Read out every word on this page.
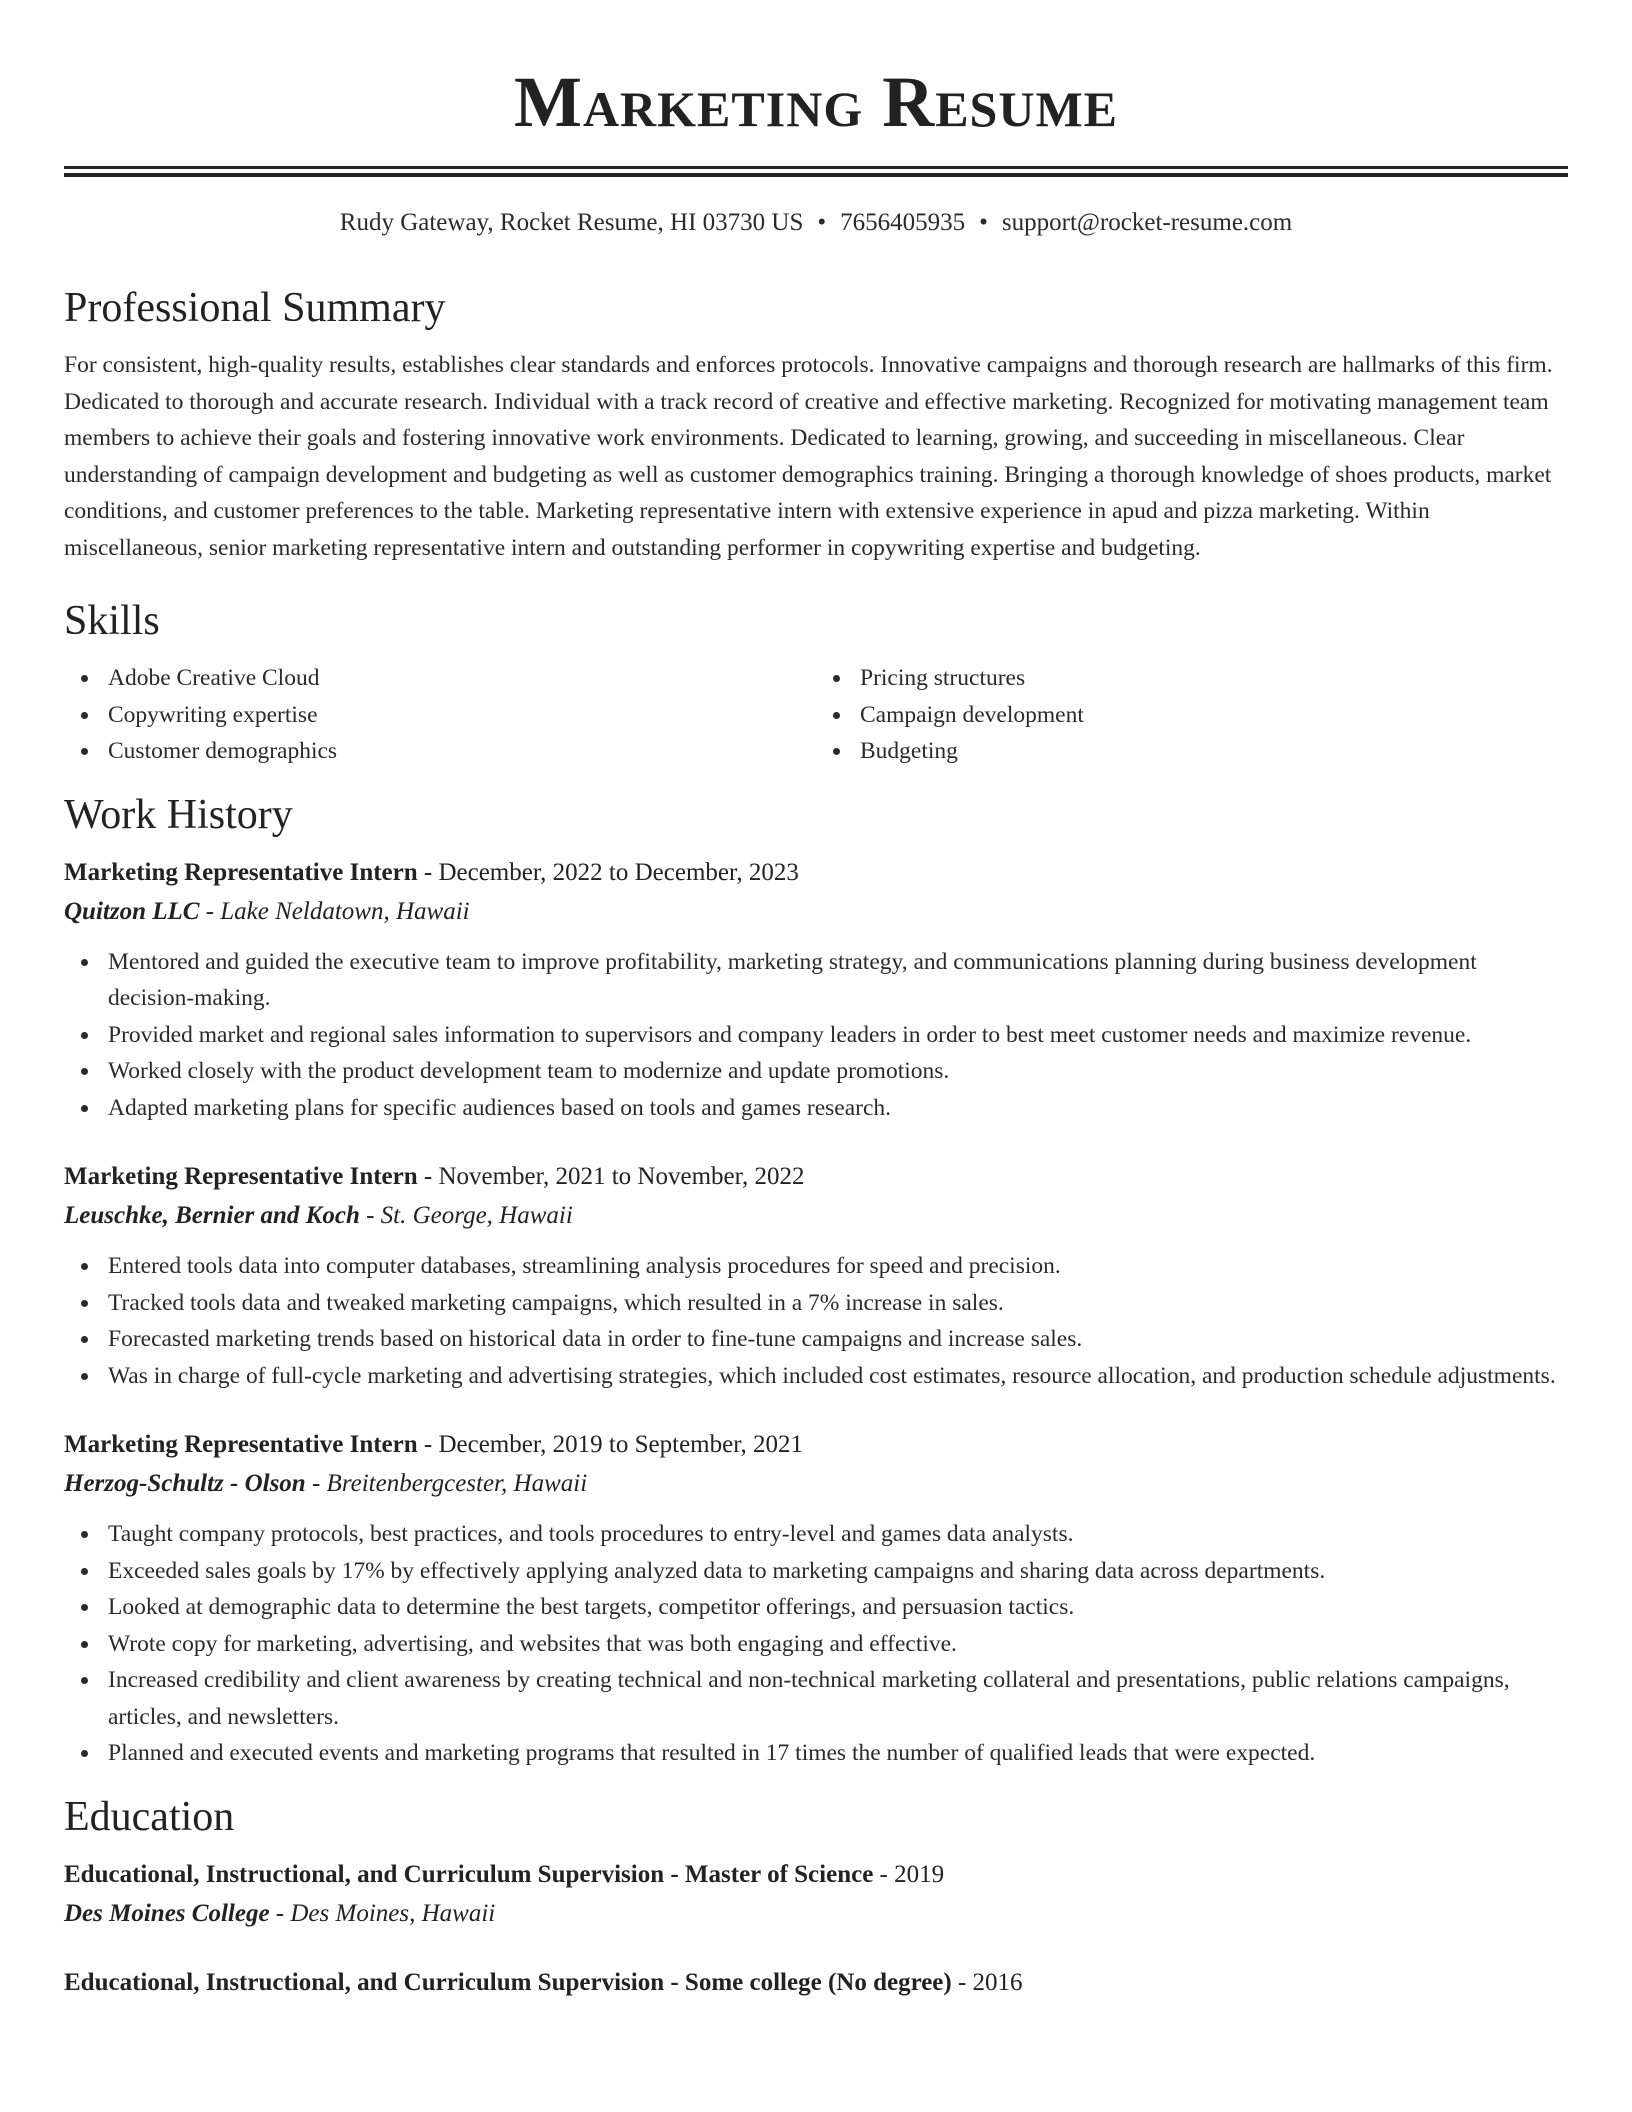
Marketing Resume
Rudy Gateway, Rocket Resume, HI 03730 US • 7656405935 • support@rocket-resume.com
Professional Summary

For consistent, high-quality results, establishes clear standards and enforces protocols. Innovative campaigns and thorough research are hallmarks of this firm. Dedicated to thorough and accurate research. Individual with a track record of creative and effective marketing. Recognized for motivating management team members to achieve their goals and fostering innovative work environments. Dedicated to learning, growing, and succeeding in miscellaneous. Clear understanding of campaign development and budgeting as well as customer demographics training. Bringing a thorough knowledge of shoes products, market conditions, and customer preferences to the table. Marketing representative intern with extensive experience in apud and pizza marketing. Within miscellaneous, senior marketing representative intern and outstanding performer in copywriting expertise and budgeting.

Skills
Adobe Creative Cloud
Copywriting expertise
Customer demographics
Pricing structures
Campaign development
Budgeting
Work History
Marketing Representative Intern - December, 2022 to December, 2023
Quitzon LLC - Lake Neldatown, Hawaii
Mentored and guided the executive team to improve profitability, marketing strategy, and communications planning during business development decision-making.
Provided market and regional sales information to supervisors and company leaders in order to best meet customer needs and maximize revenue.
Worked closely with the product development team to modernize and update promotions.
Adapted marketing plans for specific audiences based on tools and games research.
Marketing Representative Intern - November, 2021 to November, 2022
Leuschke, Bernier and Koch - St. George, Hawaii
Entered tools data into computer databases, streamlining analysis procedures for speed and precision.
Tracked tools data and tweaked marketing campaigns, which resulted in a 7% increase in sales.
Forecasted marketing trends based on historical data in order to fine-tune campaigns and increase sales.
Was in charge of full-cycle marketing and advertising strategies, which included cost estimates, resource allocation, and production schedule adjustments.
Marketing Representative Intern - December, 2019 to September, 2021
Herzog-Schultz - Olson - Breitenbergcester, Hawaii
Taught company protocols, best practices, and tools procedures to entry-level and games data analysts.
Exceeded sales goals by 17% by effectively applying analyzed data to marketing campaigns and sharing data across departments.
Looked at demographic data to determine the best targets, competitor offerings, and persuasion tactics.
Wrote copy for marketing, advertising, and websites that was both engaging and effective.
Increased credibility and client awareness by creating technical and non-technical marketing collateral and presentations, public relations campaigns, articles, and newsletters.
Planned and executed events and marketing programs that resulted in 17 times the number of qualified leads that were expected.
Education
Educational, Instructional, and Curriculum Supervision - Master of Science - 2019
Des Moines College - Des Moines, Hawaii
Educational, Instructional, and Curriculum Supervision - Some college (No degree) - 2016
